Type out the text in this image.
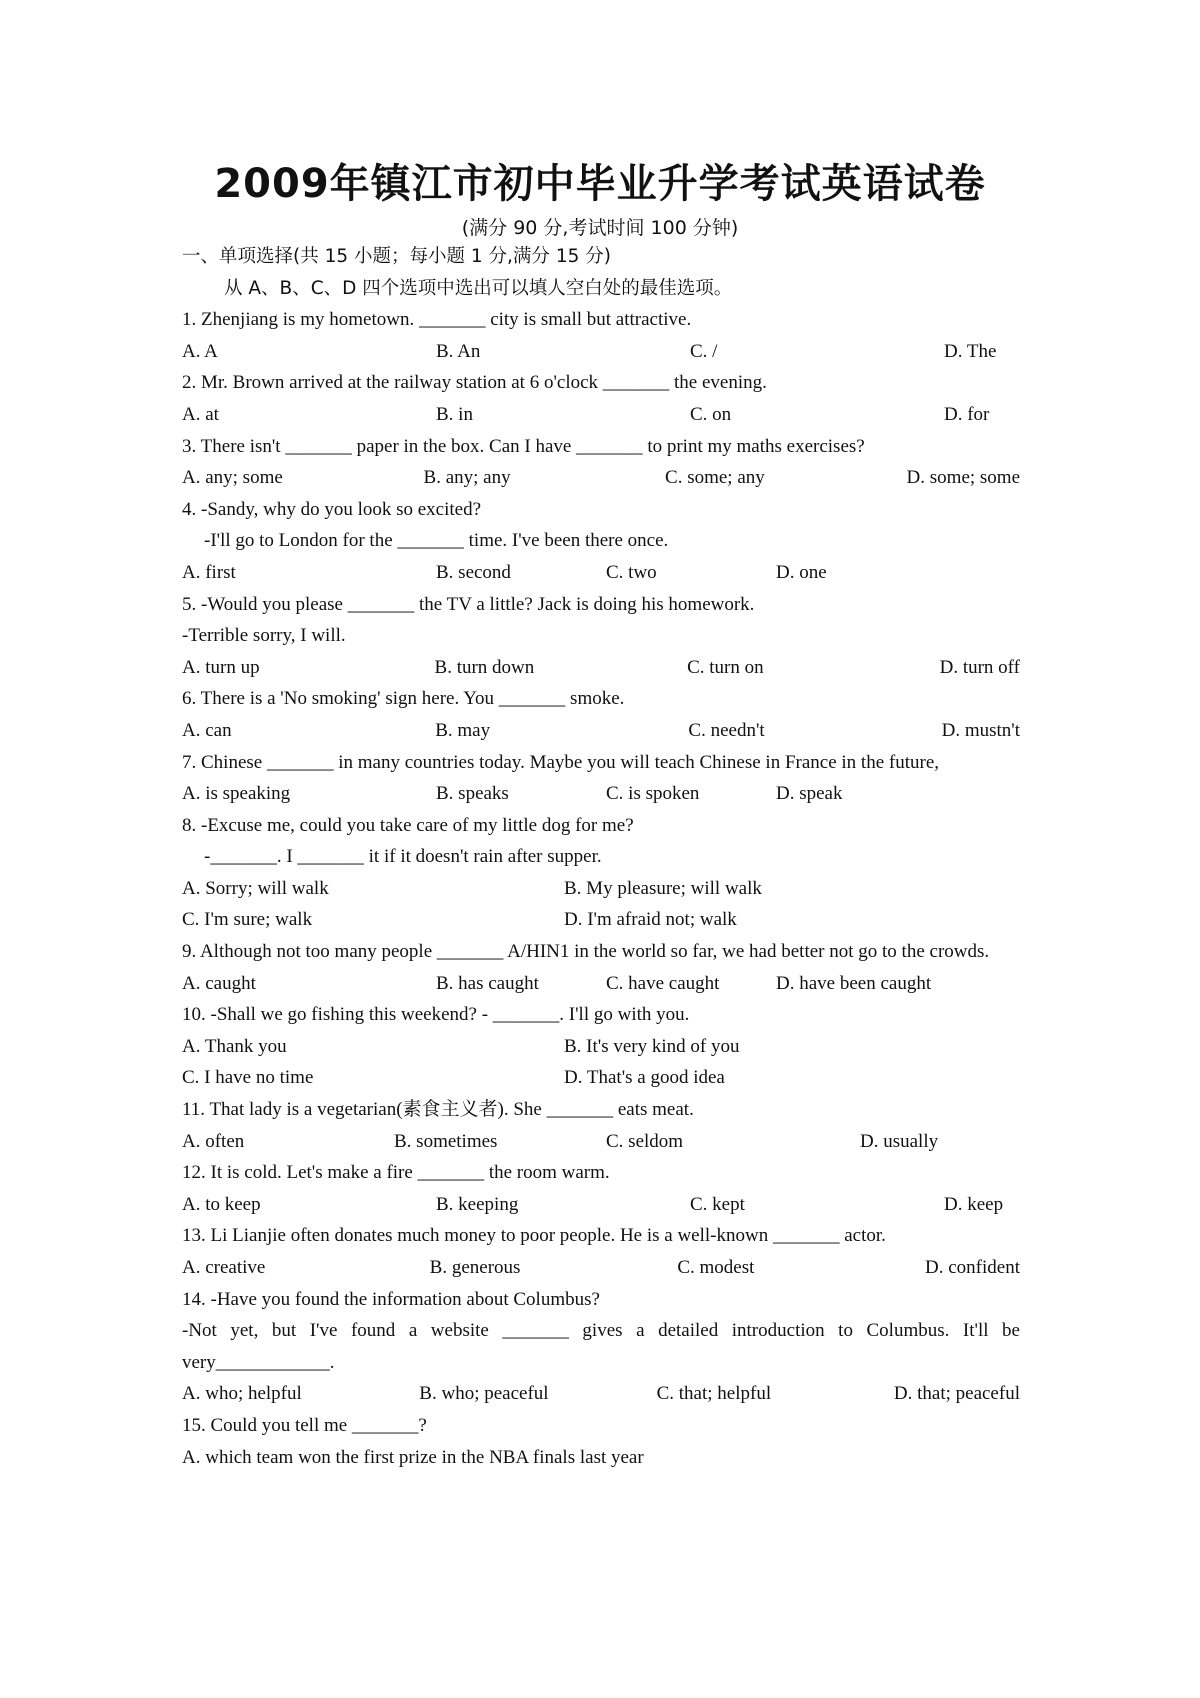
2009年镇江市初中毕业升学考试英语试卷
(满分 90 分,考试时间 100 分钟)
一、单项选择(共 15 小题；每小题 1 分,满分 15 分)
从 A、B、C、D 四个选项中选出可以填人空白处的最佳选项。
1. Zhenjiang is my hometown. _______ city is small but attractive.
A. A	B. An	C. /	D. The
2. Mr. Brown arrived at the railway station at 6 o'clock _______ the evening.
A. at	B. in	C. on	D. for
3. There isn't _______ paper in the box. Can I have _______ to print my maths exercises?
A. any; some	B. any; any	C. some; any	D. some; some
4. -Sandy, why do you look so excited?
-I'll go to London for the _______ time. I've been there once.
A. first	B. second	C. two	D. one
5. -Would you please _______ the TV a little? Jack is doing his homework.
-Terrible sorry, I will.
A. turn up	B. turn down	C. turn on	D. turn off
6. There is a 'No smoking' sign here. You _______ smoke.
A. can	B. may	C. needn't	D. mustn't
7. Chinese _______ in many countries today. Maybe you will teach Chinese in France in the future,
A. is speaking	B. speaks	C. is spoken	D. speak
8. -Excuse me, could you take care of my little dog for me?
-_______. I _______ it if it doesn't rain after supper.
A. Sorry; will walk	B. My pleasure; will walk
C. I'm sure; walk	D. I'm afraid not; walk
9. Although not too many people _______ A/HIN1 in the world so far, we had better not go to the crowds.
A. caught	B. has caught	C. have caught	D. have been caught
10. -Shall we go fishing this weekend? - _______. I'll go with you.
A. Thank you	B. It's very kind of you
C. I have no time	D. That's a good idea
11. That lady is a vegetarian(素食主义者). She _______ eats meat.
A. often	B. sometimes	C. seldom	D. usually
12. It is cold. Let's make a fire _______ the room warm.
A. to keep	B. keeping	C. kept	D. keep
13. Li Lianjie often donates much money to poor people. He is a well-known _______ actor.
A. creative	B. generous	C. modest	D. confident
14. -Have you found the information about Columbus?
-Not yet, but I've found a website _______ gives a detailed introduction to Columbus. It'll be very____________.
A. who; helpful	B. who; peaceful	C. that; helpful	D. that; peaceful
15. Could you tell me _______?
A. which team won the first prize in the NBA finals last year
